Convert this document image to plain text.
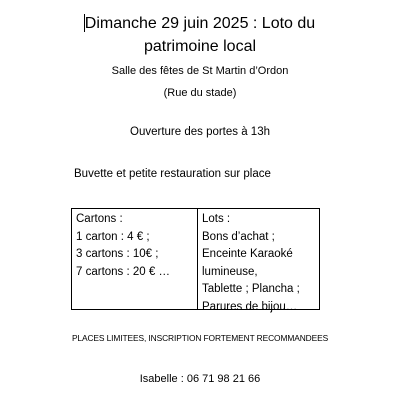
Dimanche 29 juin 2025 : Loto du
patrimoine local
Salle des fêtes de St Martin d’Ordon
(Rue du stade)
Ouverture des portes à 13h
Buvette et petite restauration sur place
Cartons :
1 carton : 4 € ;
3 cartons : 10€ ;
7 cartons : 20 € …
Lots :
Bons d’achat ;
Enceinte Karaoké
lumineuse,
Tablette ; Plancha ;
Parures de bijou…
PLACES LIMITEES, INSCRIPTION FORTEMENT RECOMMANDEES
Isabelle : 06 71 98 21 66
